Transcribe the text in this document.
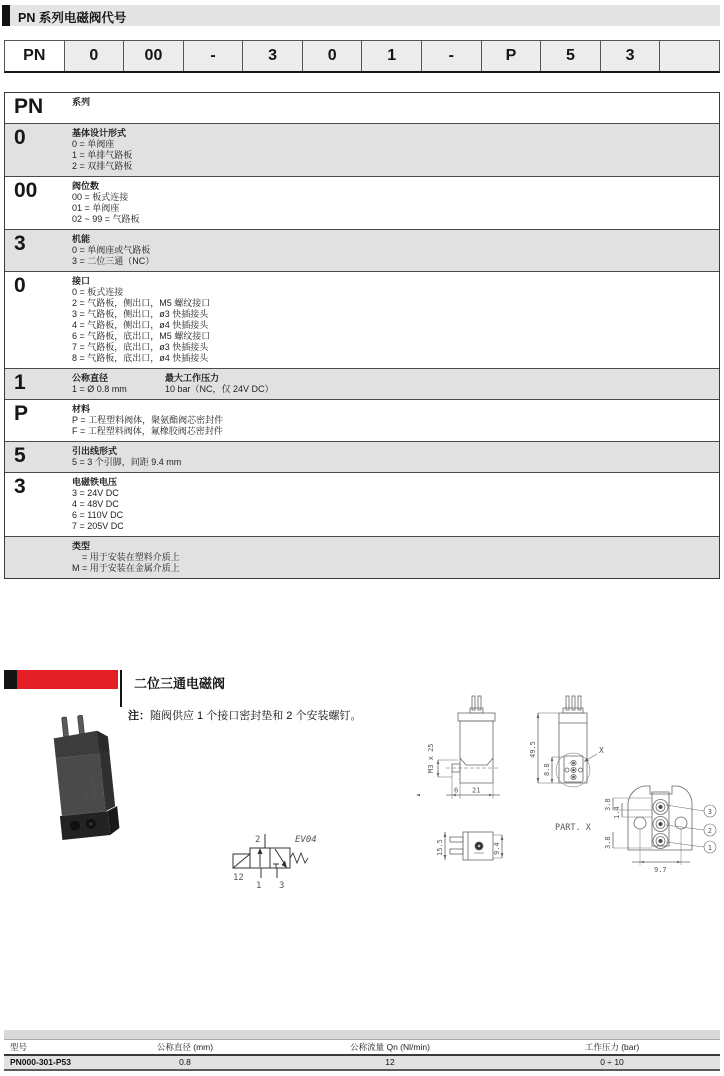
PN 系列电磁阀代号
PN	0	00	-	3	0	1	-	P	5	3
PN	系列
0	基体设计形式
0 = 单阀座
1 = 单排气路板
2 = 双排气路板
00	阀位数
00 = 板式连接
01 = 单阀座
02 ~ 99 = 气路板
3	机能
0 = 单阀座或气路板
3 = 二位三通（NC）
0	接口
0 = 板式连接
2 = 气路板，侧出口，M5 螺纹接口
3 = 气路板，侧出口，ø3 快插接头
4 = 气路板，侧出口，ø4 快插接头
6 = 气路板，底出口，M5 螺纹接口
7 = 气路板，底出口，ø3 快插接头
8 = 气路板，底出口，ø4 快插接头
1	公称直径
1 = Ø 0.8 mm
最大工作压力
10 bar（NC，仅 24V DC）
P	材料
P = 工程塑料阀体，聚氨酯阀芯密封件
F = 工程塑料阀体，氟橡胶阀芯密封件
5	引出线形式
5 = 3 个引脚，间距 9.4 mm
3	电磁铁电压
3 = 24V DC
4 = 48V DC
6 = 110V DC
7 = 205V DC
类型
= 用于安装在塑料介质上
M = 用于安装在金属介质上
二位三通电磁阀
注：随阀供应 1 个接口密封垫和 2 个安装螺钉。
PN000-301
24V DC CE
2
12
1 3
EV04
M3 x 25
6 21
49.5
8.8
X
15.5	9.4
PART. X
3.8
1.4
3.8
9.7
3
2
1
型号	公称直径 (mm)	公称流量 Qn (Nl/min)	工作压力 (bar)
PN000-301-P53	0.8	12	0 ÷ 10
